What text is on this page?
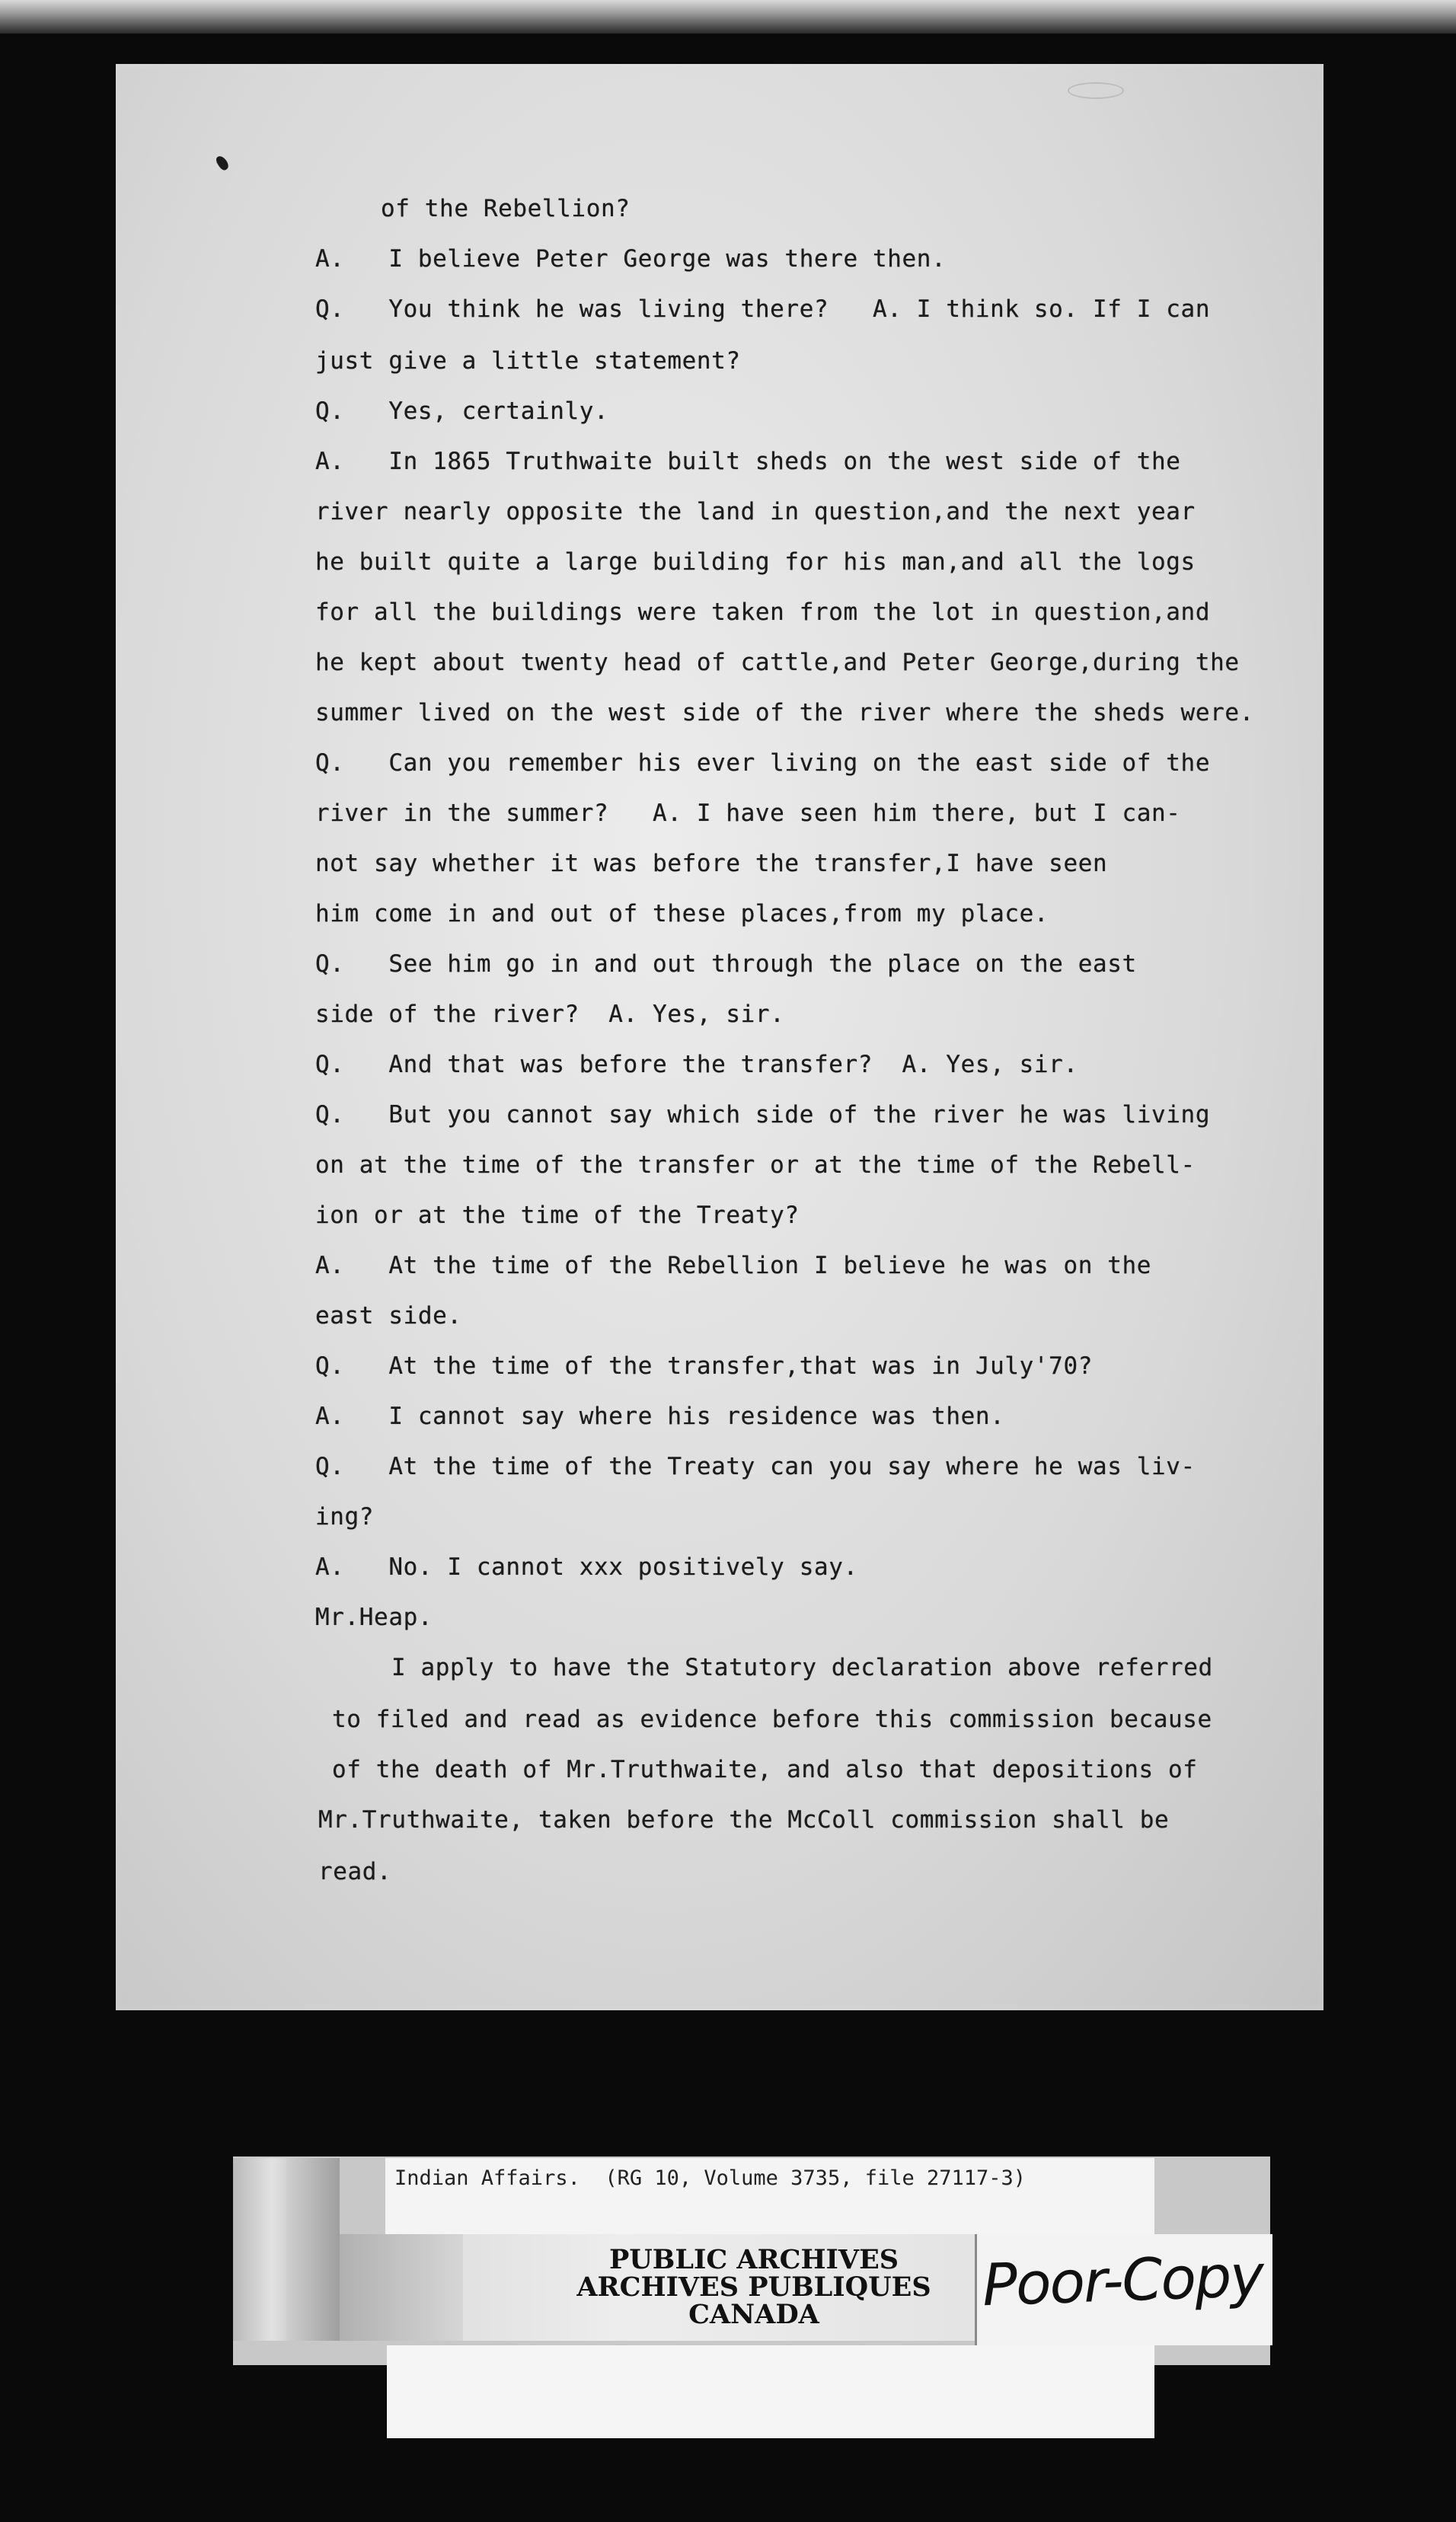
of the Rebellion?

A.   I believe Peter George was there then.

Q.   You think he was living there?   A. I think so. If I can

just give a little statement?

Q.   Yes, certainly.

A.   In 1865 Truthwaite built sheds on the west side of the

river nearly opposite the land in question,and the next year

he built quite a large building for his man,and all the logs

for all the buildings were taken from the lot in question,and

he kept about twenty head of cattle,and Peter George,during the

summer lived on the west side of the river where the sheds were.

Q.   Can you remember his ever living on the east side of the

river in the summer?   A. I have seen him there, but I can-

not say whether it was before the transfer,I have seen

him come in and out of these places,from my place.

Q.   See him go in and out through the place on the east

side of the river?  A. Yes, sir.

Q.   And that was before the transfer?  A. Yes, sir.

Q.   But you cannot say which side of the river he was living

on at the time of the transfer or at the time of the Rebell-

ion or at the time of the Treaty?

A.   At the time of the Rebellion I believe he was on the

east side.

Q.   At the time of the transfer,that was in July'70?

A.   I cannot say where his residence was then.

Q.   At the time of the Treaty can you say where he was liv-

ing?

A.   No. I cannot xxx positively say.

Mr.Heap.

I apply to have the Statutory declaration above referred

to filed and read as evidence before this commission because

of the death of Mr.Truthwaite, and also that depositions of

Mr.Truthwaite, taken before the McColl commission shall be

read.

Indian Affairs.  (RG 10, Volume 3735, file 27117-3)
PUBLIC ARCHIVES
ARCHIVES PUBLIQUES
CANADA	Poor-Copy
